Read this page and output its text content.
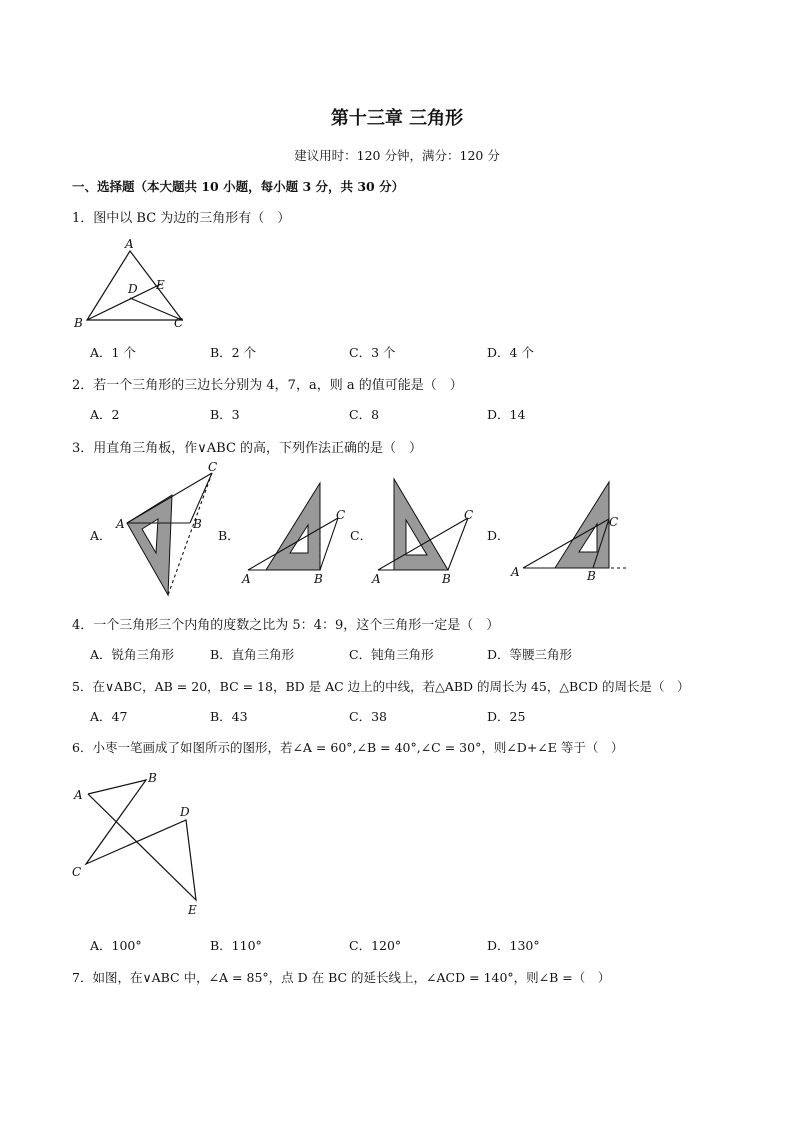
第十三章 三角形
建议用时：120 分钟，满分：120 分
一、选择题（本大题共 10 小题，每小题 3 分，共 30 分）
1．图中以 BC 为边的三角形有（　）
A
E
D
B	C
A．1 个	B．2 个	C．3 个	D．4 个
2．若一个三角形的三边长分别为 4，7，a，则 a 的值可能是（　）
A．2	B．3	C．8	D．14
3．用直角三角板，作∨ABC 的高，下列作法正确的是（　）
A．
A	B
C
B．
A	B
C
C．
A	B
C
D．
A	B
C
4．一个三角形三个内角的度数之比为 5：4：9，这个三角形一定是（　）
A．锐角三角形	B．直角三角形	C．钝角三角形	D．等腰三角形
5．在∨ABC，AB = 20，BC = 18，BD 是 AC 边上的中线，若△ABD 的周长为 45，△BCD 的周长是（　）
A．47	B．43	C．38	D．25
6．小枣一笔画成了如图所示的图形，若∠A = 60°,∠B = 40°,∠C = 30°，则∠D+∠E 等于（　）
A
B
D
C
E
A．100°	B．110°	C．120°	D．130°
7．如图，在∨ABC 中，∠A = 85°，点 D 在 BC 的延长线上，∠ACD = 140°，则∠B =（　）
